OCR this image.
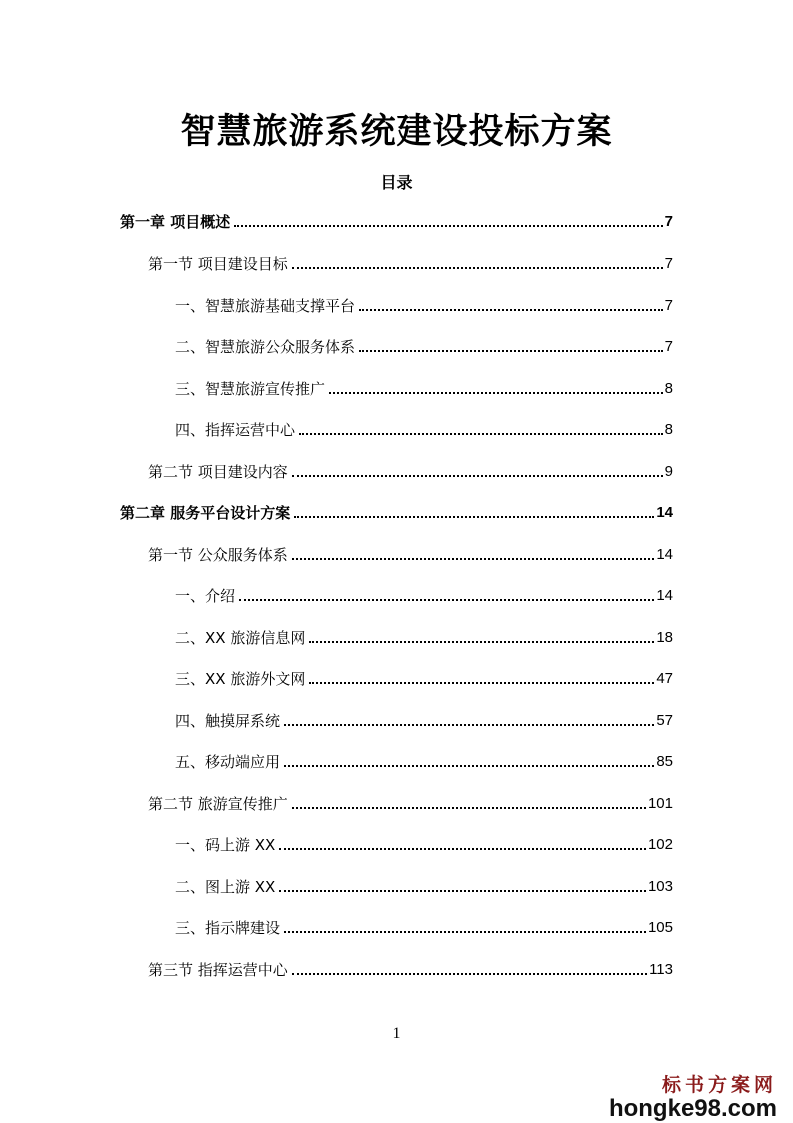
智慧旅游系统建设投标方案
目录
第一章 项目概述	7
第一节 项目建设目标	7
一、智慧旅游基础支撑平台	7
二、智慧旅游公众服务体系	7
三、智慧旅游宣传推广	8
四、指挥运营中心	8
第二节 项目建设内容	9
第二章 服务平台设计方案	14
第一节 公众服务体系	14
一、介绍	14
二、XX 旅游信息网	18
三、XX 旅游外文网	47
四、触摸屏系统	57
五、移动端应用	85
第二节 旅游宣传推广	101
一、码上游 XX	102
二、图上游 XX	103
三、指示牌建设	105
第三节 指挥运营中心	113
1
标书方案网
hongke98.com
